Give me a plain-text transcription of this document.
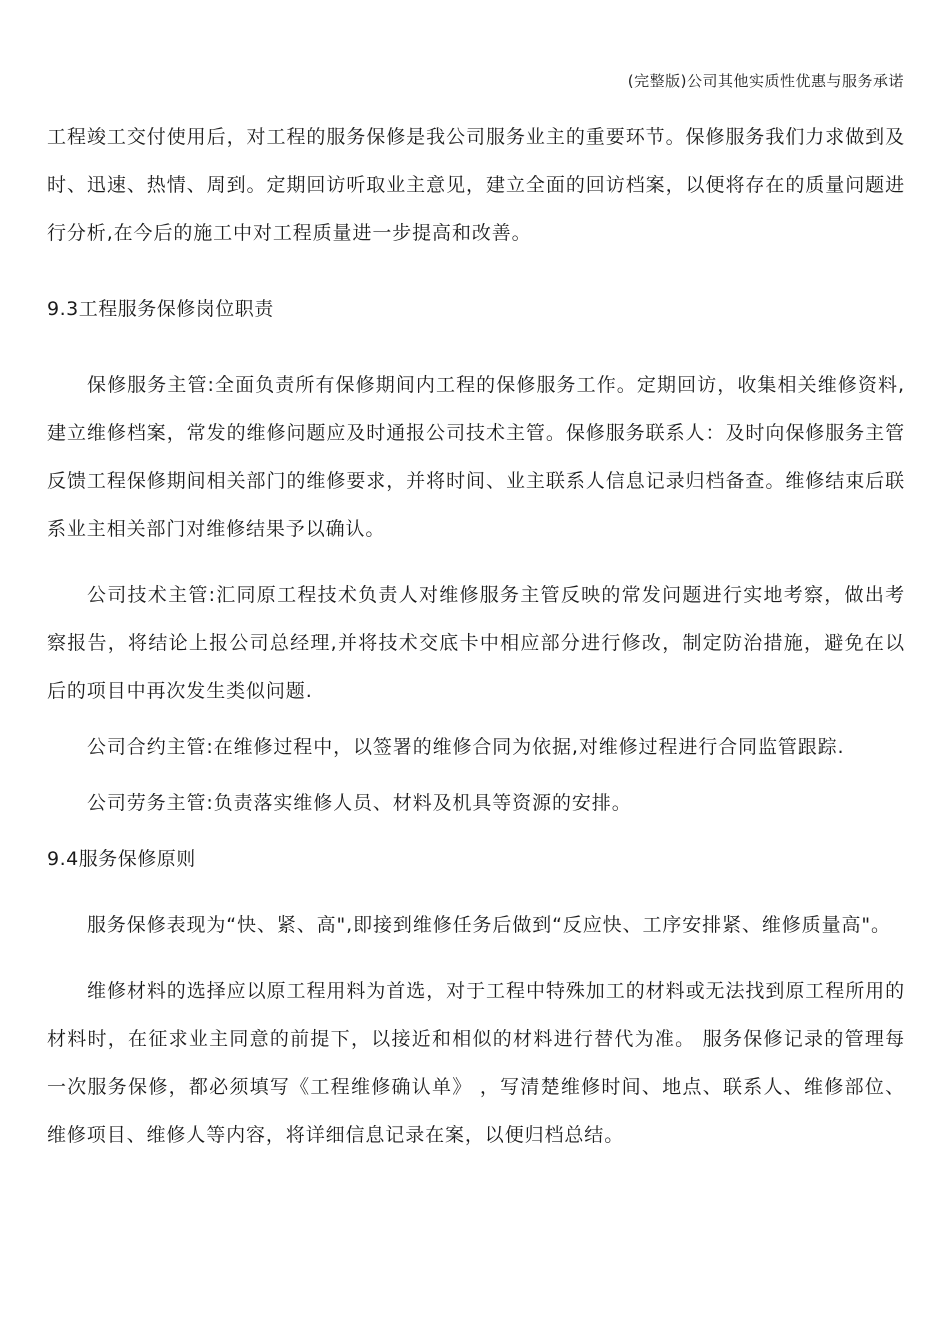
(完整版)公司其他实质性优惠与服务承诺

工程竣工交付使用后，对工程的服务保修是我公司服务业主的重要环节。保修服务我们力求做到及时、迅速、热情、周到。定期回访听取业主意见，建立全面的回访档案，以便将存在的质量问题进行分析,在今后的施工中对工程质量进一步提高和改善。

9.3工程服务保修岗位职责

保修服务主管:全面负责所有保修期间内工程的保修服务工作。定期回访，收集相关维修资料,建立维修档案，常发的维修问题应及时通报公司技术主管。保修服务联系人：及时向保修服务主管反馈工程保修期间相关部门的维修要求，并将时间、业主联系人信息记录归档备查。维修结束后联系业主相关部门对维修结果予以确认。

公司技术主管:汇同原工程技术负责人对维修服务主管反映的常发问题进行实地考察，做出考察报告，将结论上报公司总经理,并将技术交底卡中相应部分进行修改，制定防治措施，避免在以后的项目中再次发生类似问题.

公司合约主管:在维修过程中，以签署的维修合同为依据,对维修过程进行合同监管跟踪.

公司劳务主管:负责落实维修人员、材料及机具等资源的安排。

9.4服务保修原则

服务保修表现为“快、紧、高",即接到维修任务后做到“反应快、工序安排紧、维修质量高"。

维修材料的选择应以原工程用料为首选，对于工程中特殊加工的材料或无法找到原工程所用的材料时，在征求业主同意的前提下，以接近和相似的材料进行替代为准。 服务保修记录的管理每一次服务保修，都必须填写《工程维修确认单》 ，写清楚维修时间、地点、联系人、维修部位、维修项目、维修人等内容，将详细信息记录在案，以便归档总结。
